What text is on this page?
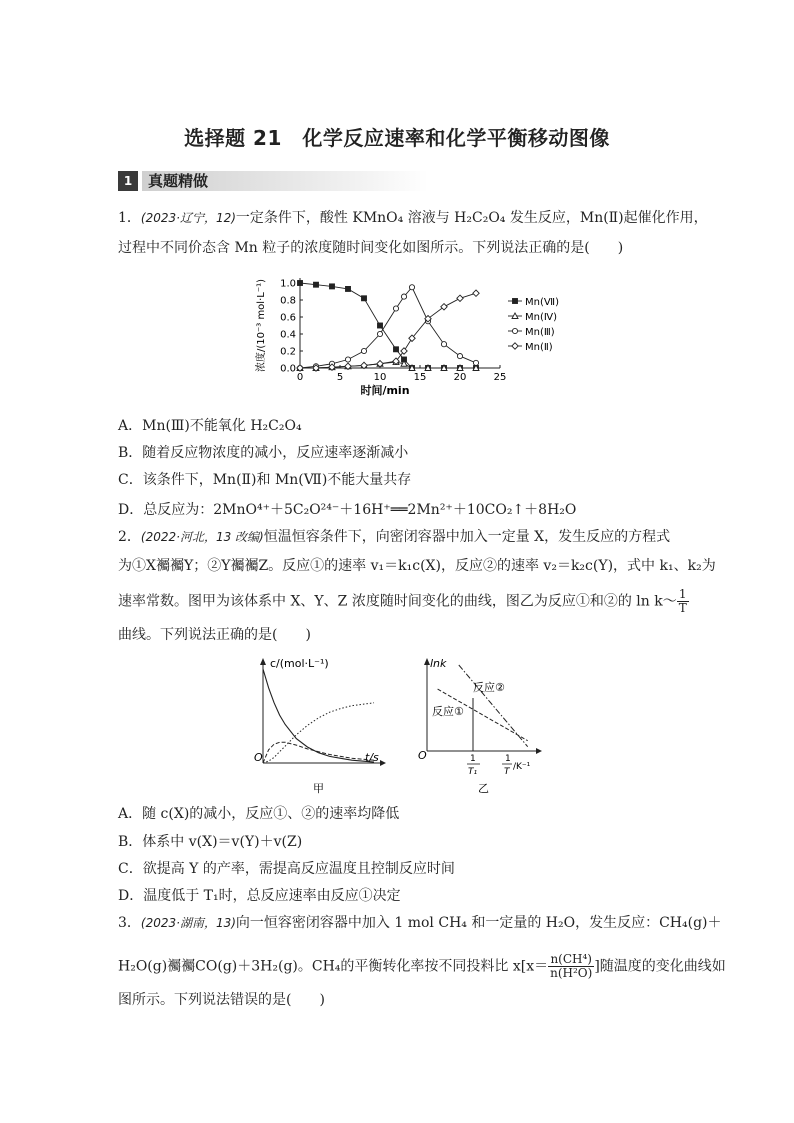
选择题 21　化学反应速率和化学平衡移动图像
1	真题精做
1．(2023·辽宁，12)一定条件下，酸性 KMnO₄ 溶液与 H₂C₂O₄ 发生反应，Mn(Ⅱ)起催化作用，
过程中不同价态含 Mn 粒子的浓度随时间变化如图所示。下列说法正确的是(　　)
0	5	10	15	20	25
0.0
0.2
0.4
0.6
0.8
1.0
时间/min
浓度/(10⁻³ mol·L⁻¹)	Mn(Ⅶ)
Mn(Ⅳ)
Mn(Ⅲ)
Mn(Ⅱ)
A．Mn(Ⅲ)不能氧化 H₂C₂O₄
B．随着反应物浓度的减小，反应速率逐渐减小
C．该条件下，Mn(Ⅱ)和 Mn(Ⅶ)不能大量共存
D．总反应为：2MnO⁴⁺＋5C₂O²⁴⁻＋16H⁺══2Mn²⁺＋10CO₂↑＋8H₂O
2．(2022·河北，13 改编)恒温恒容条件下，向密闭容器中加入一定量 X，发生反应的方程式
为①X䙱䙱Y；②Y䙱䙱Z。反应①的速率 v₁＝k₁c(X)，反应②的速率 v₂＝k₂c(Y)，式中 k₁、k₂为
速率常数。图甲为该体系中 X、Y、Z 浓度随时间变化的曲线，图乙为反应①和②的 ln k～ $\frac{1}{T}$
曲线。下列说法正确的是(　　)
c/(mol·L⁻¹)
O	t/s
甲
lnk
反应②
反应①
O	1
T₁
1
T /K⁻¹
乙
A．随 c(X)的减小，反应①、②的速率均降低
B．体系中 v(X)＝v(Y)＋v(Z)
C．欲提高 Y 的产率，需提高反应温度且控制反应时间
D．温度低于 T₁时，总反应速率由反应①决定
3．(2023·湖南，13)向一恒容密闭容器中加入 1 mol CH₄ 和一定量的 H₂O，发生反应：CH₄(g)＋
H₂O(g)䙱䙱CO(g)＋3H₂(g)。CH₄的平衡转化率按不同投料比 $x[x= \frac{\text{n(CH⁴)}}{\text{n(H²O)}}$ ]随温度的变化曲线如
图所示。下列说法错误的是(　　)
